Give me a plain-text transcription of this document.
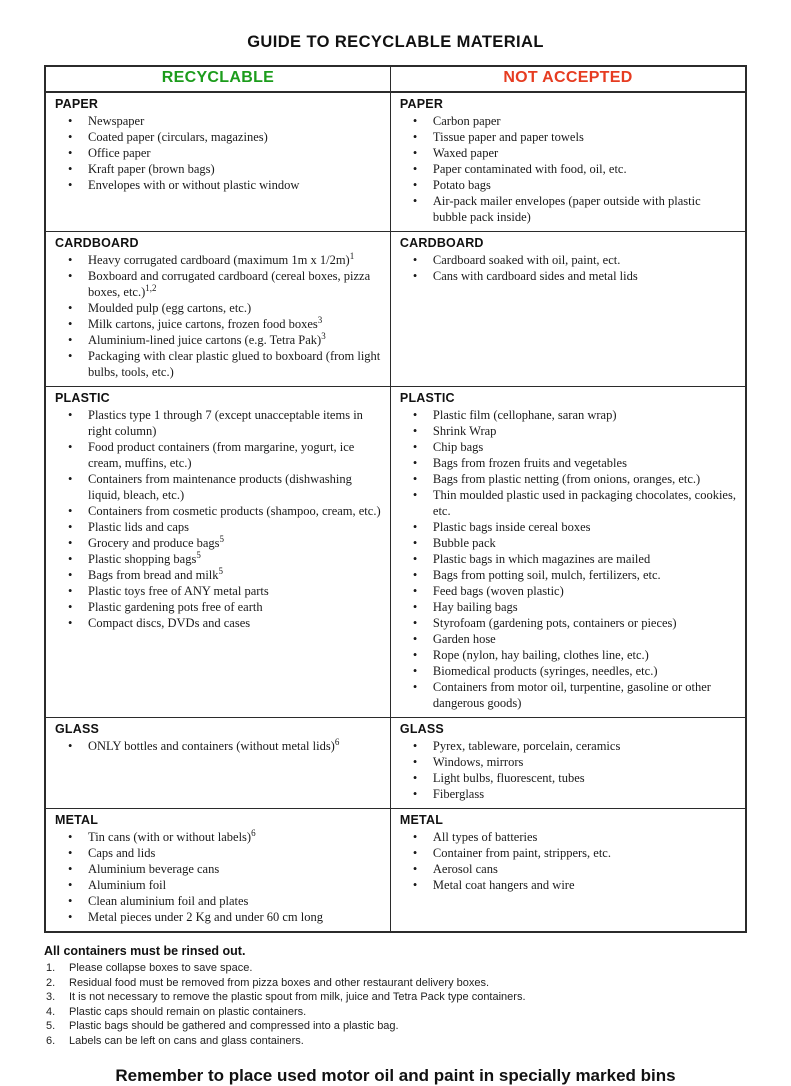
GUIDE TO RECYCLABLE MATERIAL
RECYCLABLE	NOT ACCEPTED
PAPER
• Newspaper
• Coated paper (circulars, magazines)
• Office paper
• Kraft paper (brown bags)
• Envelopes with or without plastic window
PAPER
• Carbon paper
• Tissue paper and paper towels
• Waxed paper
• Paper contaminated with food, oil, etc.
• Potato bags
• Air-pack mailer envelopes (paper outside with plastic bubble pack inside)
CARDBOARD
• Heavy corrugated cardboard (maximum 1m x 1/2m)$^1$
• Boxboard and corrugated cardboard (cereal boxes, pizza boxes, etc.)$^{1,2}$
• Moulded pulp (egg cartons, etc.)
• Milk cartons, juice cartons, frozen food boxes$^3$
• Aluminium-lined juice cartons (e.g. Tetra Pak)$^3$
• Packaging with clear plastic glued to boxboard (from light bulbs, tools, etc.)
CARDBOARD
• Cardboard soaked with oil, paint, ect.
• Cans with cardboard sides and metal lids
PLASTIC
• Plastics type 1 through 7 (except unacceptable items in right column)
• Food product containers (from margarine, yogurt, ice cream, muffins, etc.)
• Containers from maintenance products (dishwashing liquid, bleach, etc.)
• Containers from cosmetic products (shampoo, cream, etc.)
• Plastic lids and caps
• Grocery and produce bags$^5$
• Plastic shopping bags$^5$
• Bags from bread and milk$^5$
• Plastic toys free of ANY metal parts
• Plastic gardening pots free of earth
• Compact discs, DVDs and cases
PLASTIC
• Plastic film (cellophane, saran wrap)
• Shrink Wrap
• Chip bags
• Bags from frozen fruits and vegetables
• Bags from plastic netting (from onions, oranges, etc.)
• Thin moulded plastic used in packaging chocolates, cookies, etc.
• Plastic bags inside cereal boxes
• Bubble pack
• Plastic bags in which magazines are mailed
• Bags from potting soil, mulch, fertilizers, etc.
• Feed bags (woven plastic)
• Hay bailing bags
• Styrofoam (gardening pots, containers or pieces)
• Garden hose
• Rope (nylon, hay bailing, clothes line, etc.)
• Biomedical products (syringes, needles, etc.)
• Containers from motor oil, turpentine, gasoline or other dangerous goods)
GLASS
• ONLY bottles and containers (without metal lids)$^6$
GLASS
• Pyrex, tableware, porcelain, ceramics
• Windows, mirrors
• Light bulbs, fluorescent, tubes
• Fiberglass
METAL
• Tin cans (with or without labels)$^6$
• Caps and lids
• Aluminium beverage cans
• Aluminium foil
• Clean aluminium foil and plates
• Metal pieces under 2 Kg and under 60 cm long
METAL
• All types of batteries
• Container from paint, strippers, etc.
• Aerosol cans
• Metal coat hangers and wire
All containers must be rinsed out.
Please collapse boxes to save space.
Residual food must be removed from pizza boxes and other restaurant delivery boxes.
It is not necessary to remove the plastic spout from milk, juice and Tetra Pack type containers.
Plastic caps should remain on plastic containers.
Plastic bags should be gathered and compressed into a plastic bag.
Labels can be left on cans and glass containers.
Remember to place used motor oil and paint in specially marked bins
